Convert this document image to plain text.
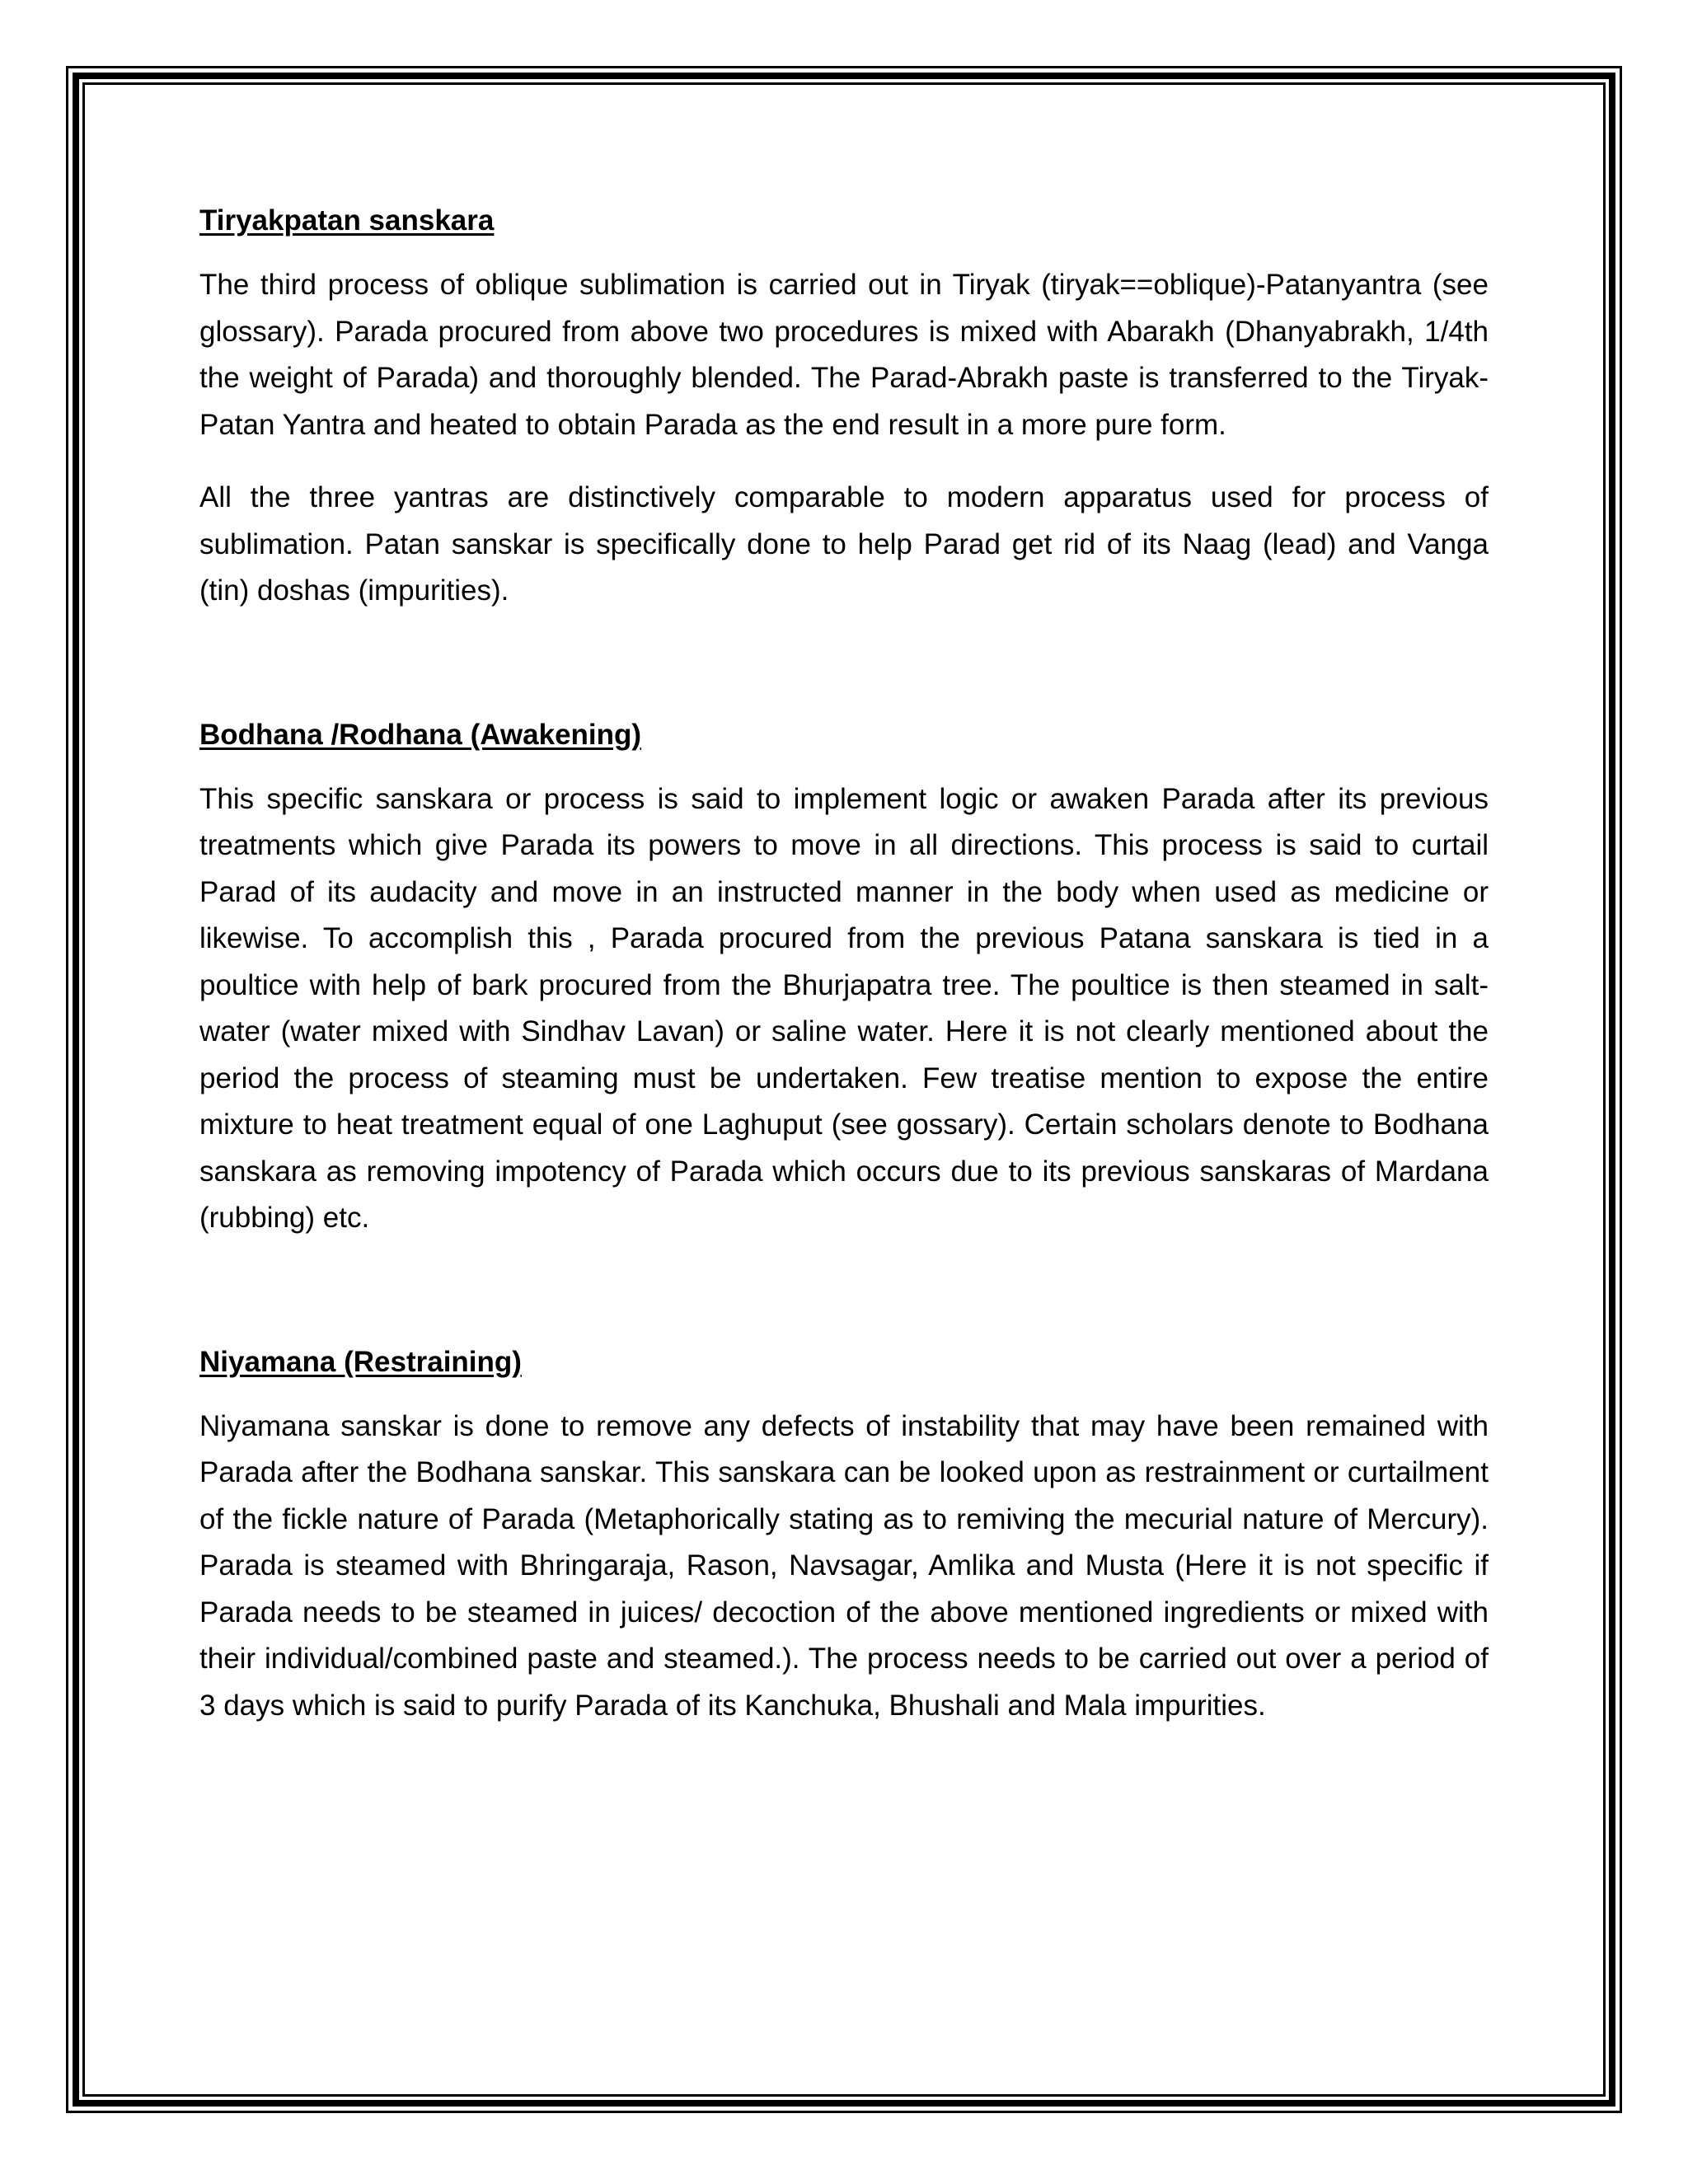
Tiryakpatan sanskara

The third process of oblique sublimation is carried out in Tiryak (tiryak==oblique)-Patanyantra (see glossary). Parada procured from above two procedures is mixed with Abarakh (Dhanyabrakh, 1/4th the weight of Parada) and thoroughly blended. The Parad-Abrakh paste is transferred to the Tiryak-Patan Yantra and heated to obtain Parada as the end result in a more pure form.

All the three yantras are distinctively comparable to modern apparatus used for process of sublimation. Patan sanskar is specifically done to help Parad get rid of its Naag (lead) and Vanga (tin) doshas (impurities).

Bodhana /Rodhana (Awakening)

This specific sanskara or process is said to implement logic or awaken Parada after its previous treatments which give Parada its powers to move in all directions. This process is said to curtail Parad of its audacity and move in an instructed manner in the body when used as medicine or likewise. To accomplish this , Parada procured from the previous Patana sanskara is tied in a poultice with help of bark procured from the Bhurjapatra tree. The poultice is then steamed in salt-water (water mixed with Sindhav Lavan) or saline water. Here it is not clearly mentioned about the period the process of steaming must be undertaken. Few treatise mention to expose the entire mixture to heat treatment equal of one Laghuput (see gossary). Certain scholars denote to Bodhana sanskara as removing impotency of Parada which occurs due to its previous sanskaras of Mardana (rubbing) etc.

Niyamana (Restraining)

Niyamana sanskar is done to remove any defects of instability that may have been remained with Parada after the Bodhana sanskar. This sanskara can be looked upon as restrainment or curtailment of the fickle nature of Parada (Metaphorically stating as to remiving the mecurial nature of Mercury). Parada is steamed with Bhringaraja, Rason, Navsagar, Amlika and Musta (Here it is not specific if Parada needs to be steamed in juices/ decoction of the above mentioned ingredients or mixed with their individual/combined paste and steamed.). The process needs to be carried out over a period of 3 days which is said to purify Parada of its Kanchuka, Bhushali and Mala impurities.
